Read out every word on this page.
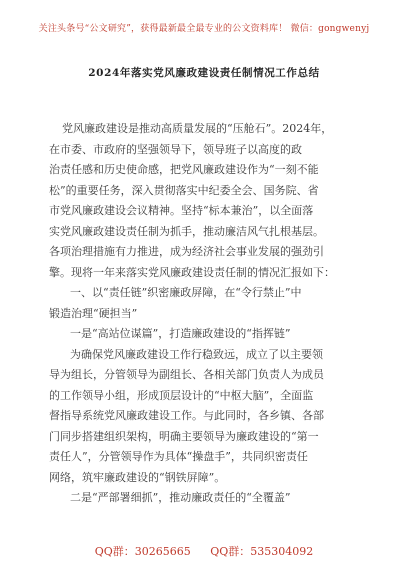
关注头条号“公文研究”，获得最新最全最专业的公文资料库！ 微信：gongwenyj
2024年落实党风廉政建设责任制情况工作总结
党风廉政建设是推动高质量发展的“压舱石”。2024年，
在市委、市政府的坚强领导下，领导班子以高度的政
治责任感和历史使命感，把党风廉政建设作为“一刻不能
松”的重要任务，深入贯彻落实中纪委全会、国务院、省
市党风廉政建设会议精神。坚持“标本兼治”，以全面落
实党风廉政建设责任制为抓手，推动廉洁风气扎根基层。
各项治理措施有力推进，成为经济社会事业发展的强劲引
擎。现将一年来落实党风廉政建设责任制的情况汇报如下：
一、以“责任链”织密廉政屏障，在“令行禁止”中
锻造治理“硬担当”
一是“高站位谋篇”，打造廉政建设的“指挥链”
为确保党风廉政建设工作行稳致远，成立了以主要领
导为组长，分管领导为副组长、各相关部门负责人为成员
的工作领导小组，形成顶层设计的“中枢大脑”，全面监
督指导系统党风廉政建设工作。与此同时，各乡镇、各部
门同步搭建组织架构，明确主要领导为廉政建设的“第一
责任人”，分管领导作为具体“操盘手”，共同织密责任
网络，筑牢廉政建设的“钢铁屏障”。
二是“严部署细抓”，推动廉政责任的“全覆盖”
QQ群：30265665 QQ群：535304092
